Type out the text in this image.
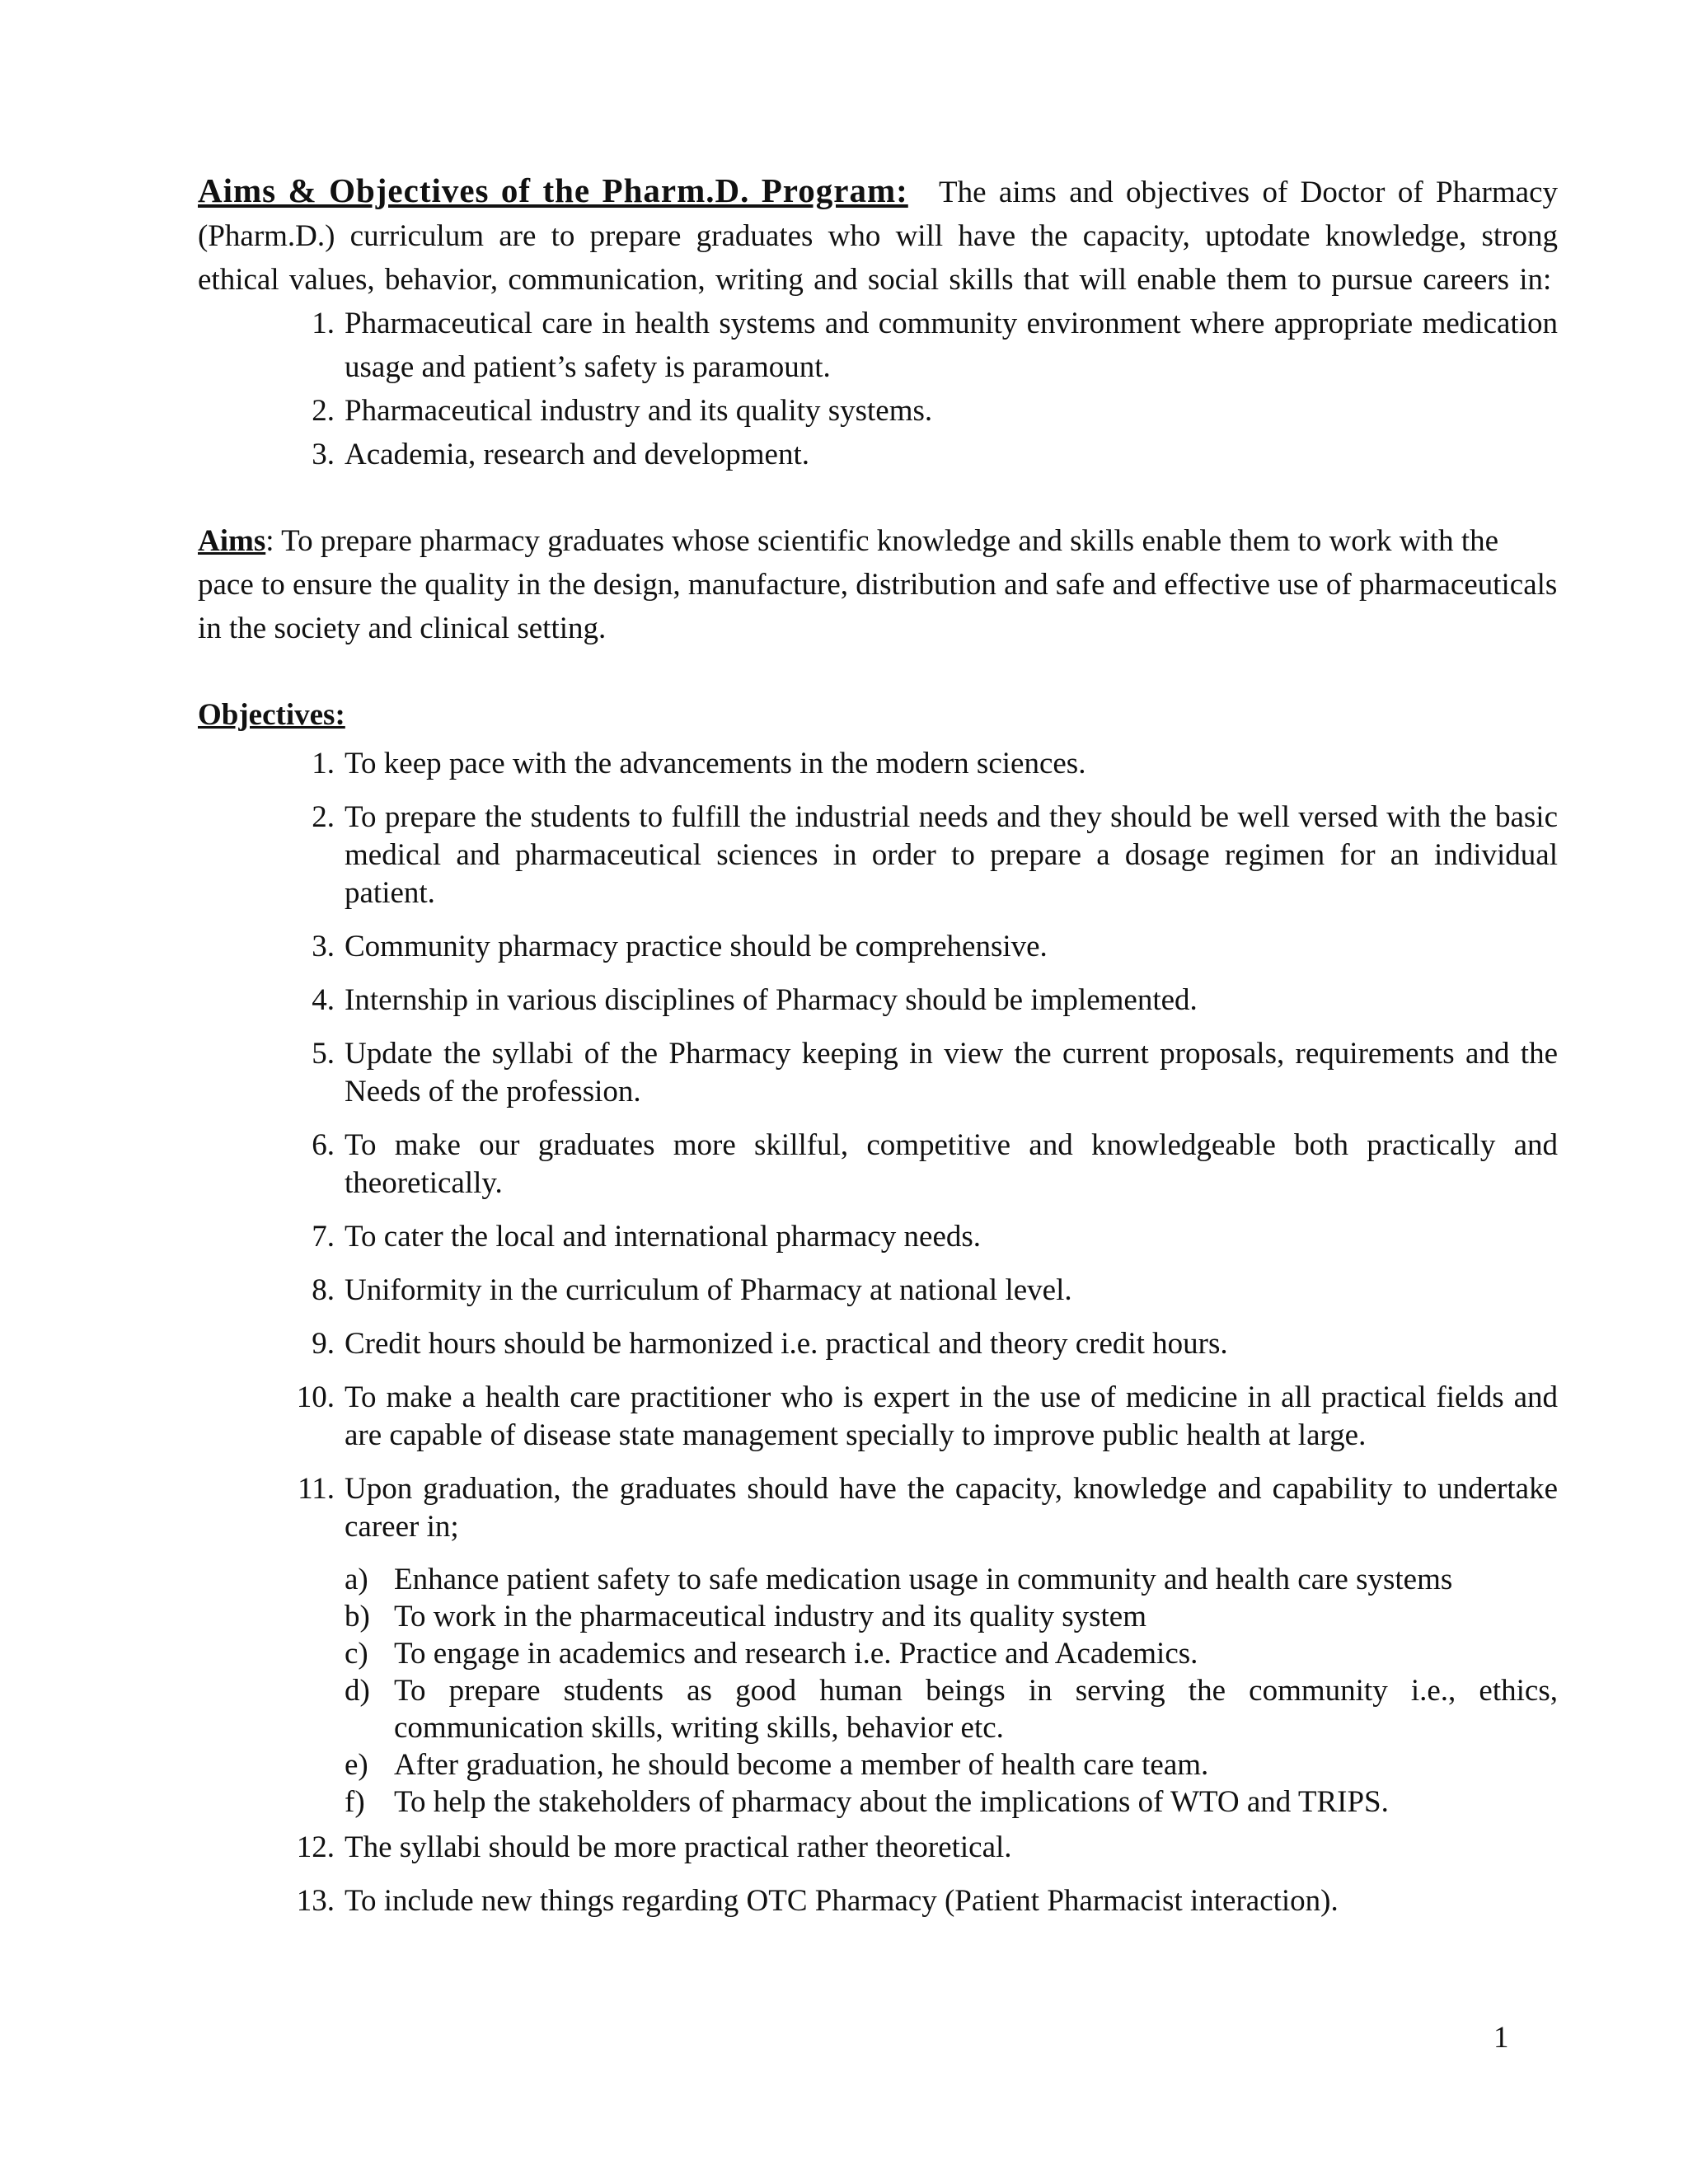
Aims & Objectives of the Pharm.D. Program: The aims and objectives of Doctor of Pharmacy (Pharm.D.) curriculum are to prepare graduates who will have the capacity, uptodate knowledge, strong ethical values, behavior, communication, writing and social skills that will enable them to pursue careers in:

1. Pharmaceutical care in health systems and community environment where appropriate medication usage and patient’s safety is paramount.
2. Pharmaceutical industry and its quality systems.
3. Academia, research and development.

Aims: To prepare pharmacy graduates whose scientific knowledge and skills enable them to work with the pace to ensure the quality in the design, manufacture, distribution and safe and effective use of pharmaceuticals in the society and clinical setting.

Objectives:

1. To keep pace with the advancements in the modern sciences.
2. To prepare the students to fulfill the industrial needs and they should be well versed with the basic medical and pharmaceutical sciences in order to prepare a dosage regimen for an individual patient.
3. Community pharmacy practice should be comprehensive.
4. Internship in various disciplines of Pharmacy should be implemented.
5. Update the syllabi of the Pharmacy keeping in view the current proposals, requirements and the Needs of the profession.
6. To make our graduates more skillful, competitive and knowledgeable both practically and theoretically.
7. To cater the local and international pharmacy needs.
8. Uniformity in the curriculum of Pharmacy at national level.
9. Credit hours should be harmonized i.e. practical and theory credit hours.
10. To make a health care practitioner who is expert in the use of medicine in all practical fields and are capable of disease state management specially to improve public health at large.
11. Upon graduation, the graduates should have the capacity, knowledge and capability to undertake career in;
a) Enhance patient safety to safe medication usage in community and health care systems
b) To work in the pharmaceutical industry and its quality system
c) To engage in academics and research i.e. Practice and Academics.
d) To prepare students as good human beings in serving the community i.e., ethics, communication skills, writing skills, behavior etc.
e) After graduation, he should become a member of health care team.
f) To help the stakeholders of pharmacy about the implications of WTO and TRIPS.
12. The syllabi should be more practical rather theoretical.
13. To include new things regarding OTC Pharmacy (Patient Pharmacist interaction).
1
